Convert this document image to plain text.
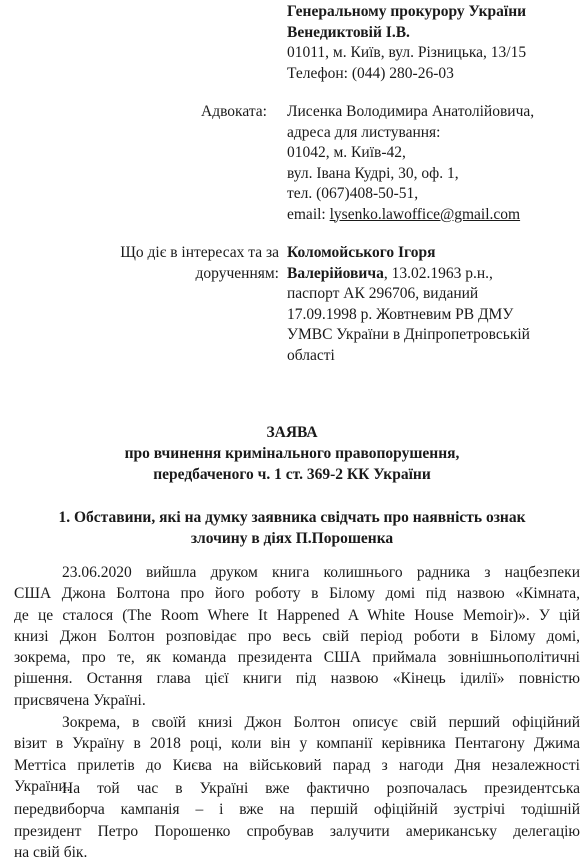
Генеральному прокурору України
Венедиктовій І.В.
01011, м. Київ, вул. Різницька, 13/15
Телефон: (044) 280-26-03
Адвоката: Лисенка Володимира Анатолійовича,
адреса для листування:
01042, м. Київ-42,
вул. Івана Кудрі, 30, оф. 1,
тел. (067)408-50-51,
email: lysenko.lawoffice@gmail.com
Що діє в інтересах та за
дорученням:
Коломойського Ігоря
Валерійовича, 13.02.1963 р.н.,
паспорт АК 296706, виданий
17.09.1998 р. Жовтневим РВ ДМУ
УМВС України в Дніпропетровській
області
ЗАЯВА
про вчинення кримінального правопорушення,
передбаченого ч. 1 ст. 369-2 КК України
1. Обставини, які на думку заявника свідчать про наявність ознак
злочину в діях П.Порошенка
23.06.2020 вийшла друком книга колишнього радника з нацбезпеки
США Джона Болтона про його роботу в Білому домі під назвою «Кімната,
де це сталося (The Room Where It Happened A White House Memoir)». У цій
книзі Джон Болтон розповідає про весь свій період роботи в Білому домі,
зокрема, про те, як команда президента США приймала зовнішньополітичні
рішення. Остання глава цієї книги під назвою «Кінець ідилії» повністю
присвячена Україні.
Зокрема, в своїй книзі Джон Болтон описує свій перший офіційний
візит в Україну в 2018 році, коли він у компанії керівника Пентагону Джима
Меттіса прилетів до Києва на військовий парад з нагоди Дня незалежності
України.
На той час в Україні вже фактично розпочалась президентська
передвиборча кампанія – і вже на першій офіційній зустрічі тодішній
президент Петро Порошенко спробував залучити американську делегацію
на свій бік.
